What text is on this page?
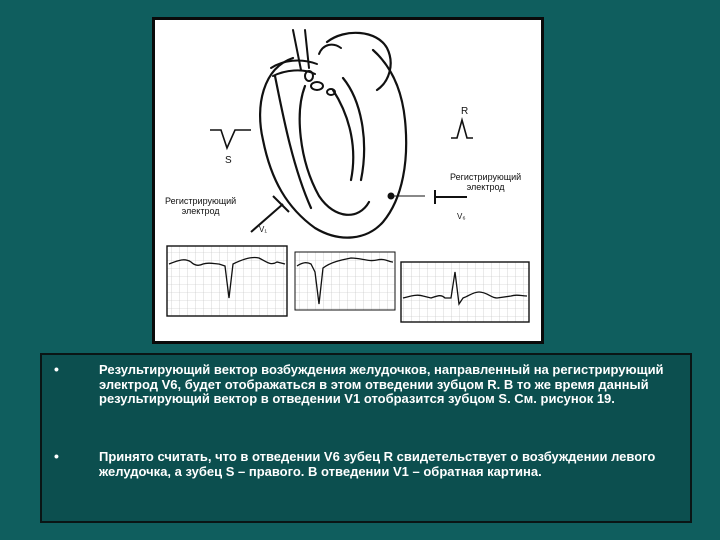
S
R
Регистрирующий
электрод
Регистрирующий
электрод
V₁
V₆
•	Результирующий вектор возбуждения желудочков, направленный на регистрирующий электрод V6, будет отображаться в этом отведении зубцом R. В то же время данный результирующий вектор в отведении V1 отобразится зубцом S. См. рисунок 19.

•	Принято считать, что в отведении V6 зубец R свидетельствует о возбуждении левого желудочка, а зубец S – правого. В отведении V1 – обратная картина.
